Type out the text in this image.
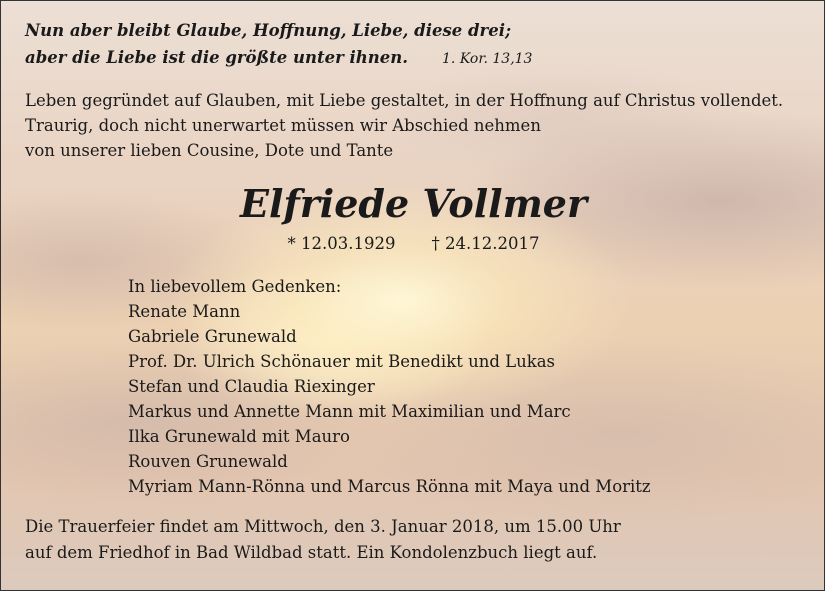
Nun aber bleibt Glaube, Hoffnung, Liebe, diese drei;
aber die Liebe ist die größte unter ihnen. 1. Kor. 13,13
Leben gegründet auf Glauben, mit Liebe gestaltet, in der Hoffnung auf Christus vollendet.
Traurig, doch nicht unerwartet müssen wir Abschied nehmen
von unserer lieben Cousine, Dote und Tante
Elfriede Vollmer
* 12.03.1929 † 24.12.2017
In liebevollem Gedenken:
Renate Mann
Gabriele Grunewald
Prof. Dr. Ulrich Schönauer mit Benedikt und Lukas
Stefan und Claudia Riexinger
Markus und Annette Mann mit Maximilian und Marc
Ilka Grunewald mit Mauro
Rouven Grunewald
Myriam Mann-Rönna und Marcus Rönna mit Maya und Moritz
Die Trauerfeier findet am Mittwoch, den 3. Januar 2018, um 15.00 Uhr
auf dem Friedhof in Bad Wildbad statt. Ein Kondolenzbuch liegt auf.
